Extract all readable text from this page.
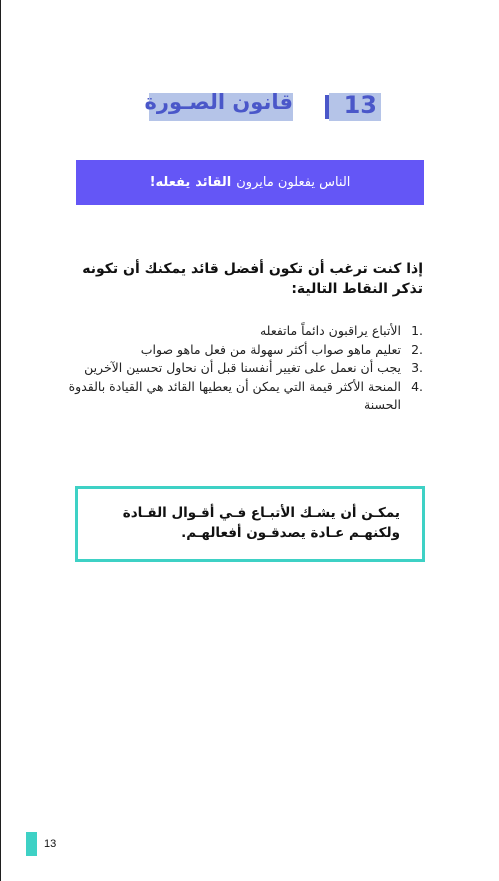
13
قانون الصـورة
الناس يفعلون مايرون
القائد
يفعله!
إذا كنت ترغب أن تكون أفضل قائد يمكنك أن تكونه تذكر النقاط التالية:
1.
الأتباع يراقبون دائماً ماتفعله
2.
تعليم ماهو صواب أكثر سهولة من فعل ماهو صواب
3.
يجب أن نعمل على تغيير أنفسنا قبل أن نحاول تحسين الآخرين
4.
المنحة الأكثر قيمة التي يمكن أن يعطيها القائد هي القيادة بالقدوة الحسنة
يمكـن أن يشـك الأتبـاع فـي أقـوال القـادة ولكنهـم عـادة يصدقـون أفعالهـم.
13
